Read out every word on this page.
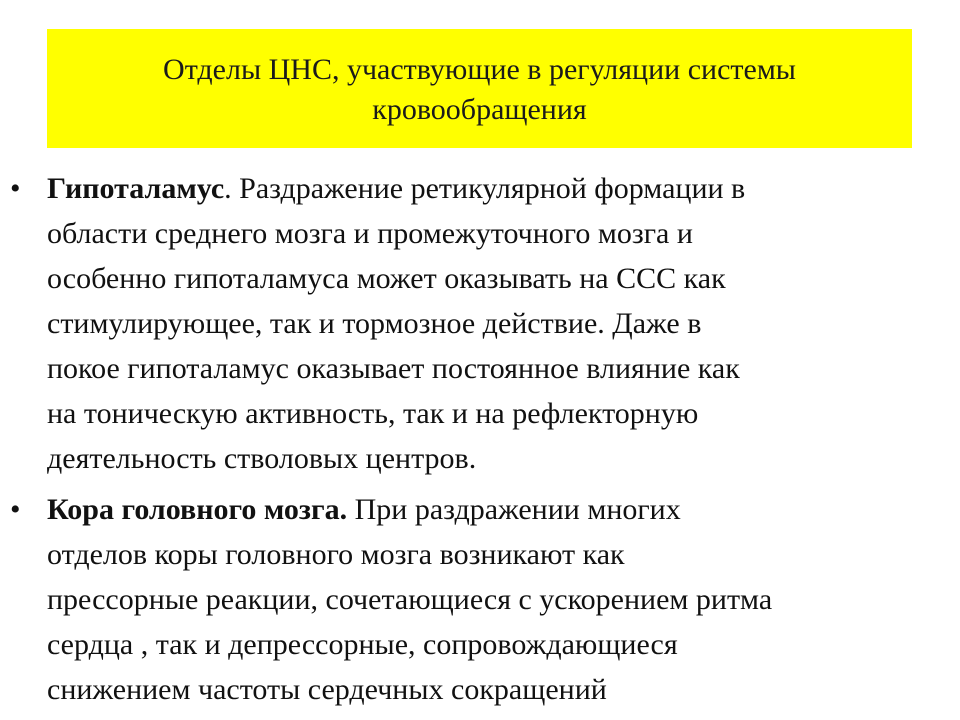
Отделы ЦНС, участвующие в регуляции системы
кровообращения
• Гипоталамус. Раздражение ретикулярной формации в
области среднего мозга и промежуточного мозга и
особенно гипоталамуса может оказывать на ССС как
стимулирующее, так и тормозное действие. Даже в
покое гипоталамус оказывает постоянное влияние как
на тоническую активность, так и на рефлекторную
деятельность стволовых центров.
• Кора головного мозга. При раздражении многих
отделов коры головного мозга возникают как
прессорные реакции, сочетающиеся с ускорением ритма
сердца , так и депрессорные, сопровождающиеся
снижением частоты сердечных сокращений
